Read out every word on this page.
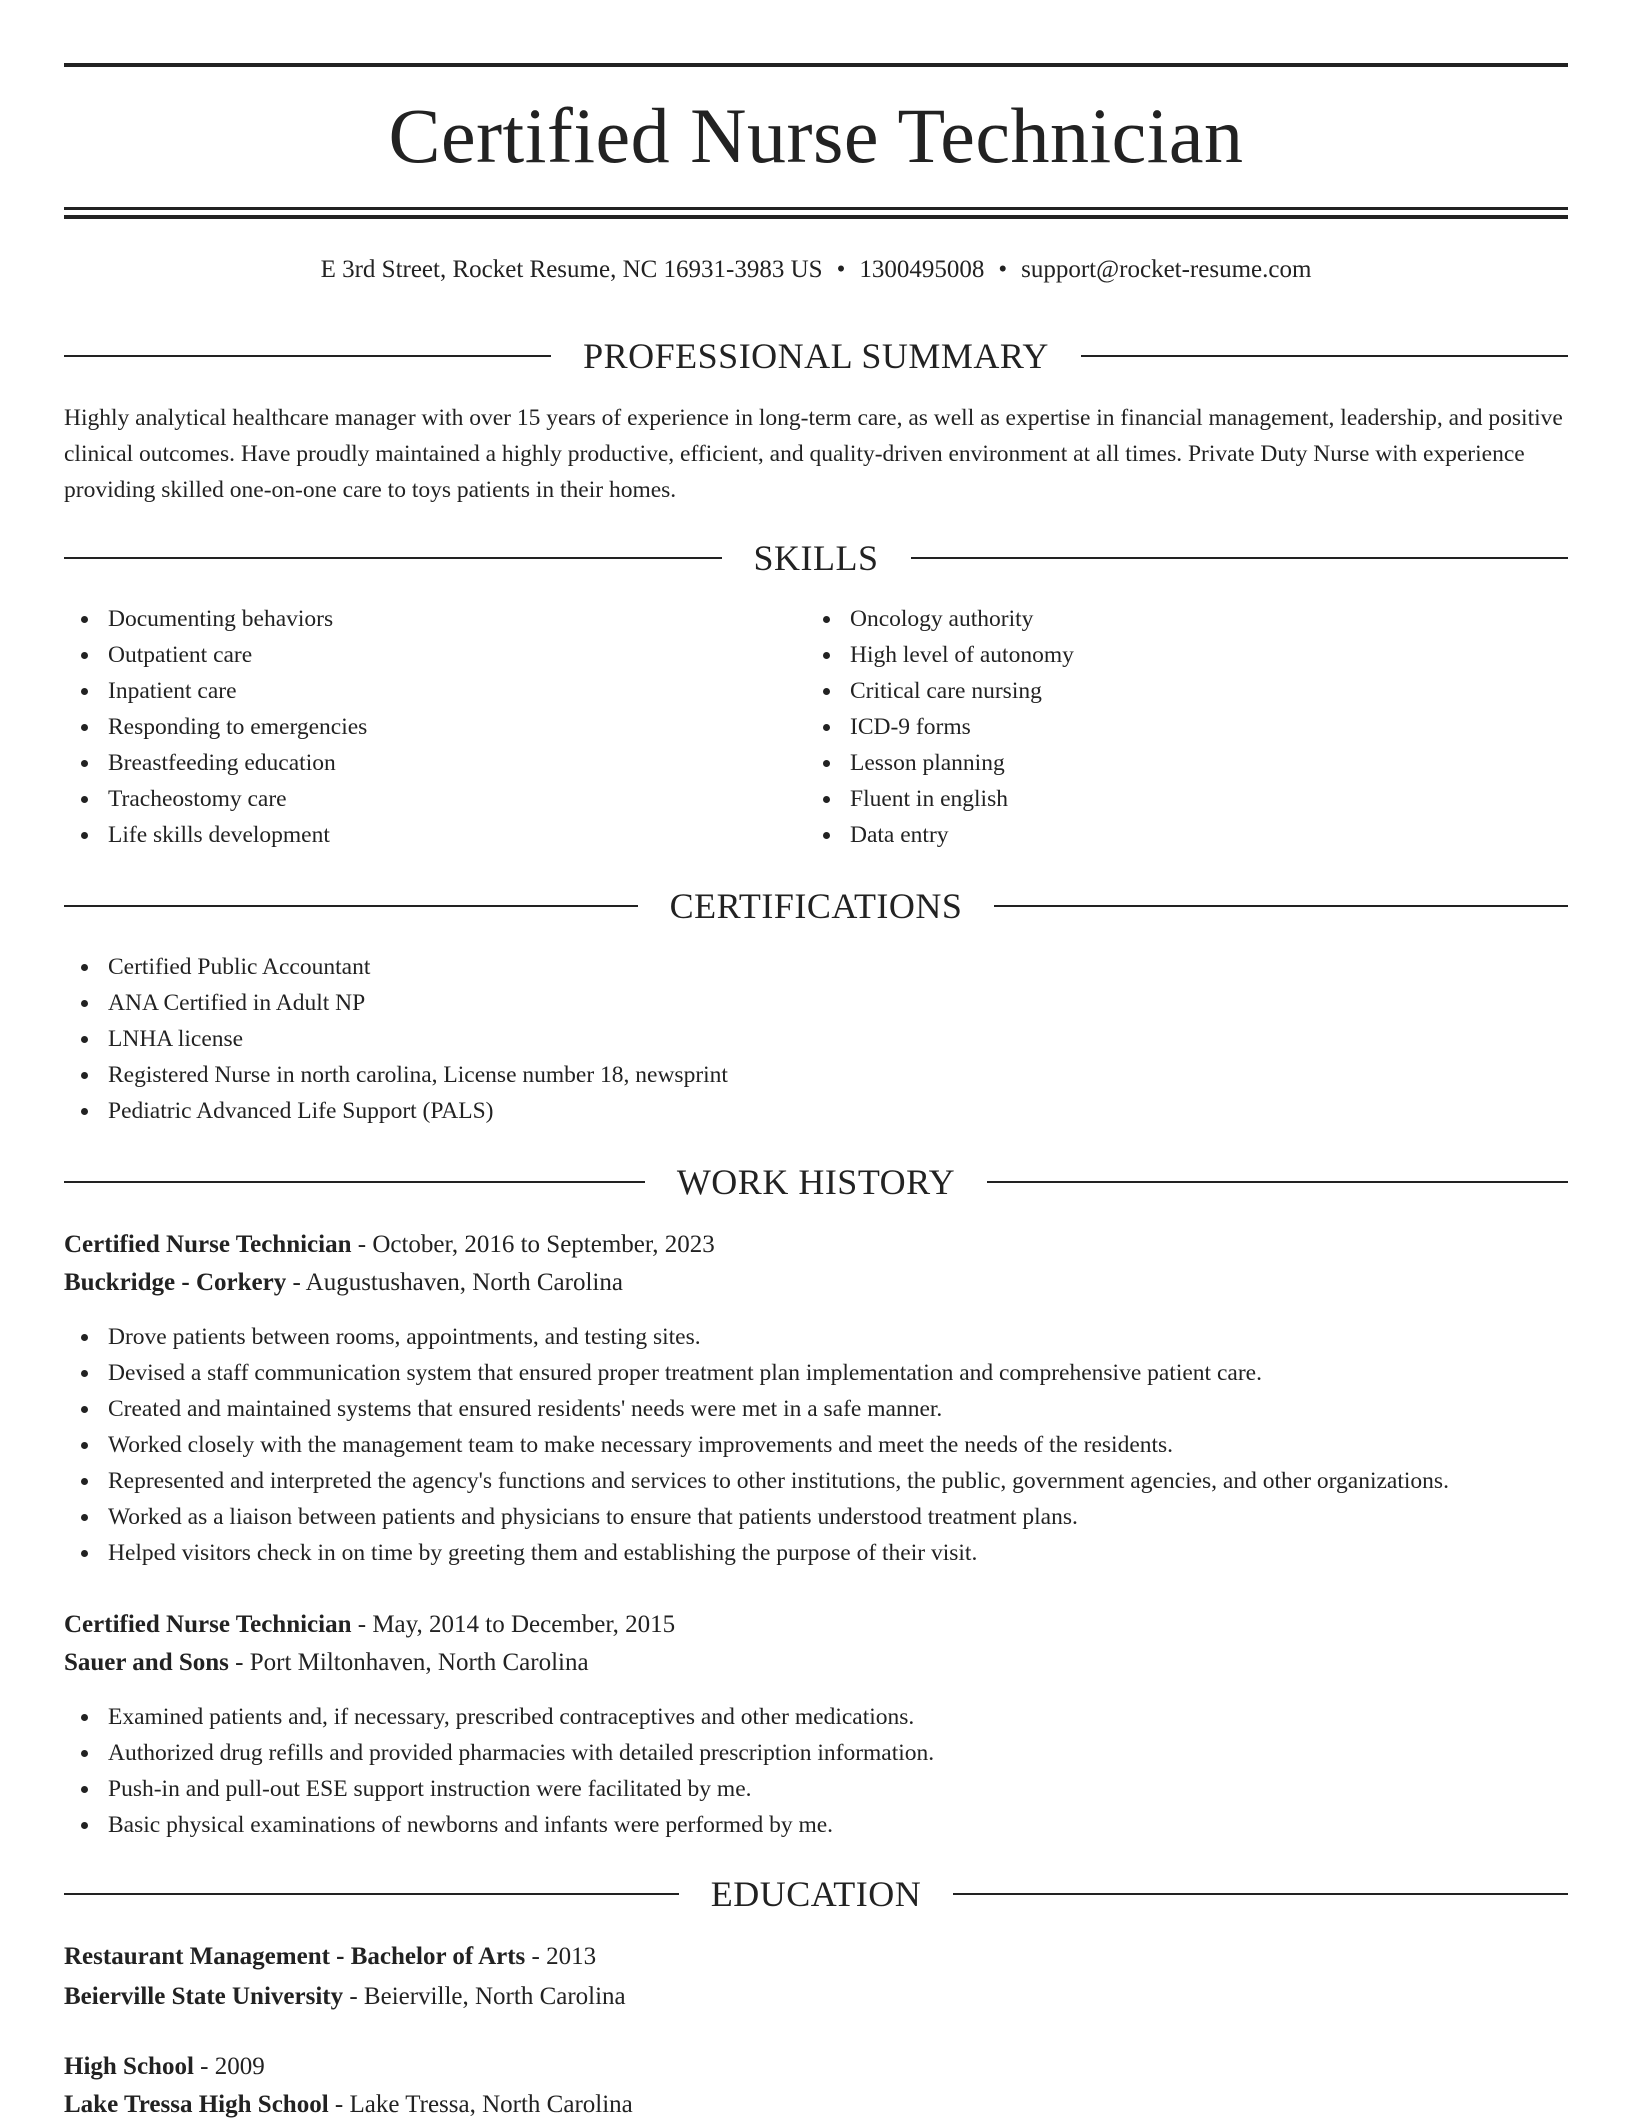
Certified Nurse Technician
E 3rd Street, Rocket Resume, NC 16931-3983 US • 1300495008 • support@rocket-resume.com
PROFESSIONAL SUMMARY
Highly analytical healthcare manager with over 15 years of experience in long-term care, as well as expertise in financial management, leadership, and positive clinical outcomes. Have proudly maintained a highly productive, efficient, and quality-driven environment at all times. Private Duty Nurse with experience providing skilled one-on-one care to toys patients in their homes.
SKILLS
Documenting behaviors
Outpatient care
Inpatient care
Responding to emergencies
Breastfeeding education
Tracheostomy care
Life skills development
Oncology authority
High level of autonomy
Critical care nursing
ICD-9 forms
Lesson planning
Fluent in english
Data entry
CERTIFICATIONS
Certified Public Accountant
ANA Certified in Adult NP
LNHA license
Registered Nurse in north carolina, License number 18, newsprint
Pediatric Advanced Life Support (PALS)
WORK HISTORY
Certified Nurse Technician - October, 2016 to September, 2023
Buckridge - Corkery - Augustushaven, North Carolina
Drove patients between rooms, appointments, and testing sites.
Devised a staff communication system that ensured proper treatment plan implementation and comprehensive patient care.
Created and maintained systems that ensured residents' needs were met in a safe manner.
Worked closely with the management team to make necessary improvements and meet the needs of the residents.
Represented and interpreted the agency's functions and services to other institutions, the public, government agencies, and other organizations.
Worked as a liaison between patients and physicians to ensure that patients understood treatment plans.
Helped visitors check in on time by greeting them and establishing the purpose of their visit.
Certified Nurse Technician - May, 2014 to December, 2015
Sauer and Sons - Port Miltonhaven, North Carolina
Examined patients and, if necessary, prescribed contraceptives and other medications.
Authorized drug refills and provided pharmacies with detailed prescription information.
Push-in and pull-out ESE support instruction were facilitated by me.
Basic physical examinations of newborns and infants were performed by me.
EDUCATION
Restaurant Management - Bachelor of Arts - 2013
Beierville State University - Beierville, North Carolina
High School - 2009
Lake Tressa High School - Lake Tressa, North Carolina
